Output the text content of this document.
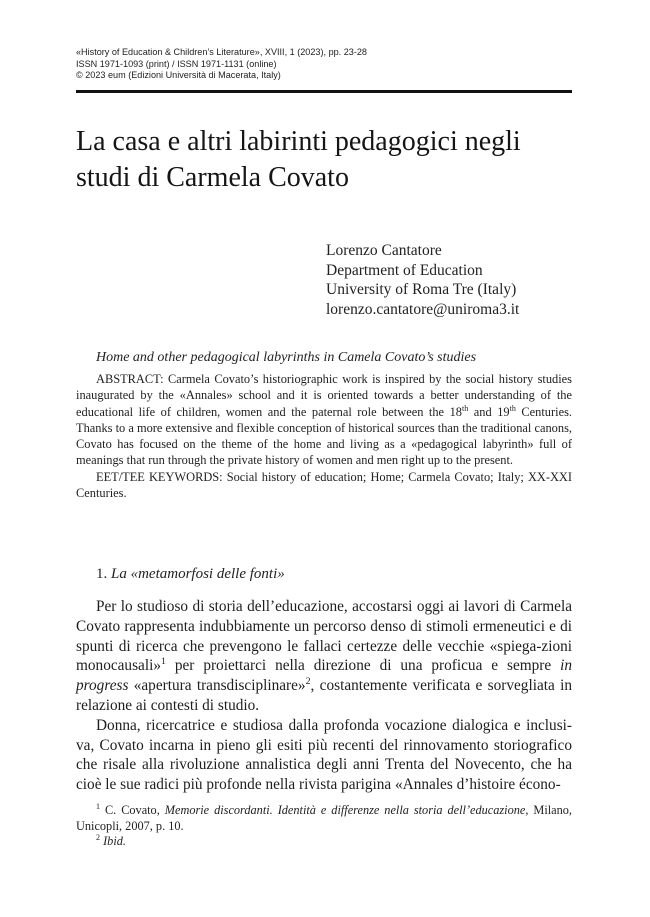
«History of Education & Children’s Literature», XVIII, 1 (2023), pp. 23-28
ISSN 1971-1093 (print) / ISSN 1971-1131 (online)
© 2023 eum (Edizioni Università di Macerata, Italy)
La casa e altri labirinti pedagogici negli
studi di Carmela Covato
Lorenzo Cantatore
Department of Education
University of Roma Tre (Italy)
lorenzo.cantatore@uniroma3.it
Home and other pedagogical labyrinths in Camela Covato’s studies

ABSTRACT: Carmela Covato’s historiographic work is inspired by the social history studies inaugurated by the «Annales» school and it is oriented towards a better understanding of the educational life of children, women and the paternal role between the 18th and 19th Centuries. Thanks to a more extensive and flexible conception of historical sources than the traditional canons, Covato has focused on the theme of the home and living as a «pedagogical labyrinth» full of meanings that run through the private history of women and men right up to the present.

EET/TEE KEYWORDS: Social history of education; Home; Carmela Covato; Italy; XX-XXI Centuries.

1. La «metamorfosi delle fonti»

Per lo studioso di storia dell’educazione, accostarsi oggi ai lavori di Carmela Covato rappresenta indubbiamente un percorso denso di stimoli ermeneutici e di spunti di ricerca che prevengono le fallaci certezze delle vecchie «spiega-zioni monocausali»$^1$ per proiettarci nella direzione di una proficua e sempre in progress «apertura transdisciplinare»$^2$, costantemente verificata e sorvegliata in relazione ai contesti di studio.

Donna, ricercatrice e studiosa dalla profonda vocazione dialogica e inclusi-va, Covato incarna in pieno gli esiti più recenti del rinnovamento storiografico che risale alla rivoluzione annalistica degli anni Trenta del Novecento, che ha cioè le sue radici più profonde nella rivista parigina «Annales d’histoire écono-

$^1$ C. Covato, Memorie discordanti. Identità e differenze nella storia dell’educazione, Milano, Unicopli, 2007, p. 10.

$^2$ Ibid.
